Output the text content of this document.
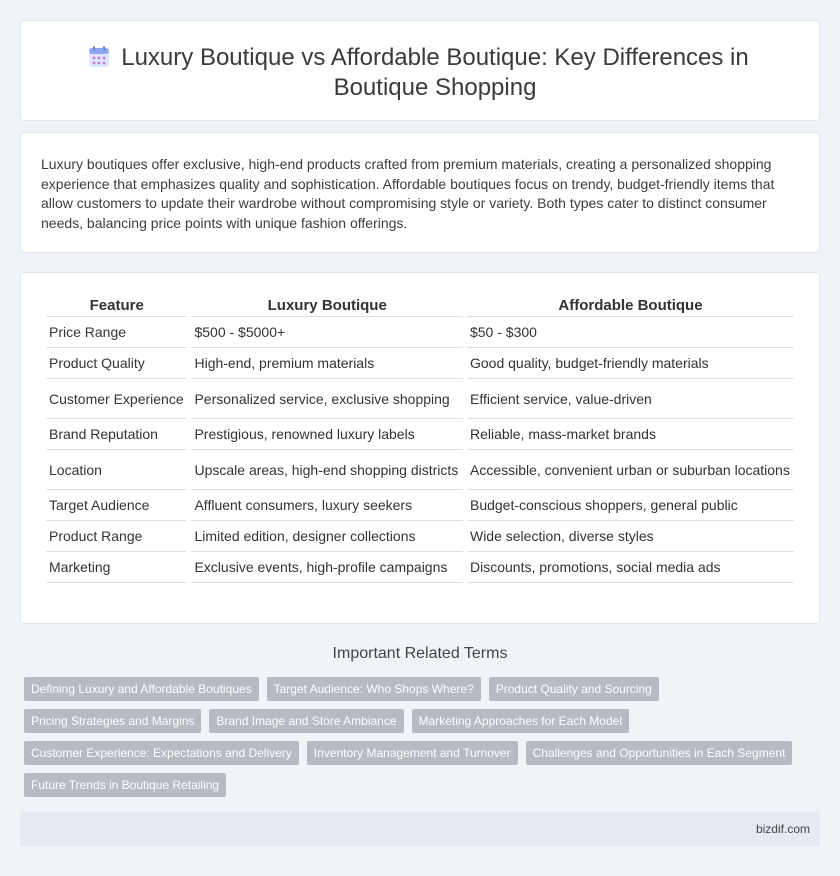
Luxury Boutique vs Affordable Boutique: Key Differences in Boutique Shopping

Luxury boutiques offer exclusive, high-end products crafted from premium materials, creating a personalized shopping experience that emphasizes quality and sophistication. Affordable boutiques focus on trendy, budget-friendly items that allow customers to update their wardrobe without compromising style or variety. Both types cater to distinct consumer needs, balancing price points with unique fashion offerings.

Feature	Luxury Boutique	Affordable Boutique
Price Range	$500 - $5000+	$50 - $300
Product Quality	High-end, premium materials	Good quality, budget-friendly materials
Customer Experience	Personalized service, exclusive shopping	Efficient service, value-driven
Brand Reputation	Prestigious, renowned luxury labels	Reliable, mass-market brands
Location	Upscale areas, high-end shopping districts	Accessible, convenient urban or suburban locations
Target Audience	Affluent consumers, luxury seekers	Budget-conscious shoppers, general public
Product Range	Limited edition, designer collections	Wide selection, diverse styles
Marketing	Exclusive events, high-profile campaigns	Discounts, promotions, social media ads
Important Related Terms
Defining Luxury and Affordable Boutiques	Target Audience: Who Shops Where?	Product Quality and Sourcing
Pricing Strategies and Margins	Brand Image and Store Ambiance	Marketing Approaches for Each Model
Customer Experience: Expectations and Delivery	Inventory Management and Turnover	Challenges and Opportunities in Each Segment
Future Trends in Boutique Retailing
bizdif.com
